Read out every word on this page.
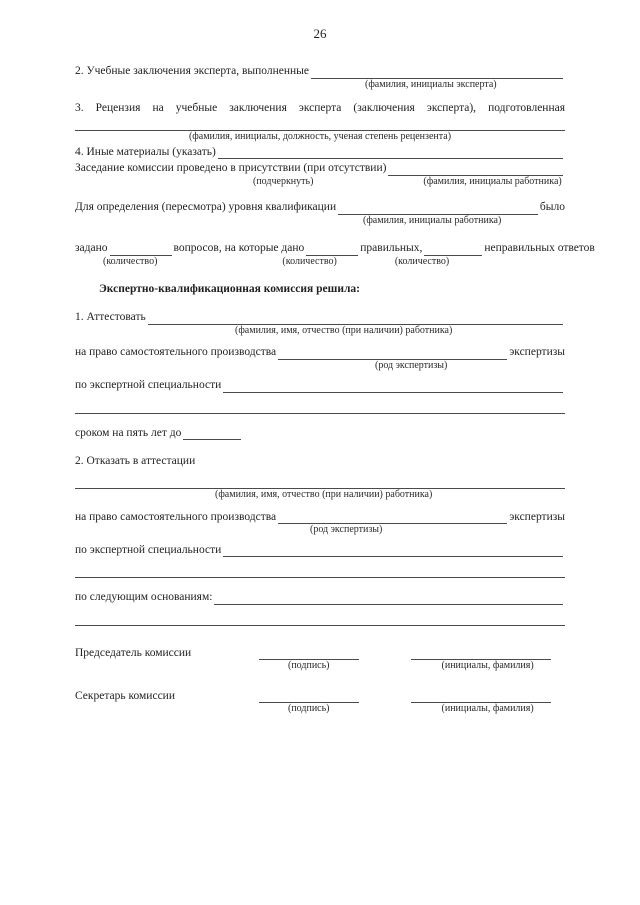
26
2. Учебные заключения эксперта, выполненные
(фамилия, инициалы эксперта)
3. Рецензия на учебные заключения эксперта (заключения эксперта), подготовленная
(фамилия, инициалы, должность, ученая степень рецензента)
4. Иные материалы (указать)
Заседание комиссии проведено в присутствии (при отсутствии)
(подчеркнуть)	(фамилия, инициалы работника)
Для определения (пересмотра) уровня квалификации	было
(фамилия, инициалы работника)
задано	вопросов, на которые дано	правильных,	неправильных ответов
(количество)	(количество)	(количество)
Экспертно-квалификационная комиссия решила:
1. Аттестовать
(фамилия, имя, отчество (при наличии) работника)
на право самостоятельного производства	экспертизы
(род экспертизы)
по экспертной специальности
сроком на пять лет до
2. Отказать в аттестации
(фамилия, имя, отчество (при наличии) работника)
на право самостоятельного производства	экспертизы
(род экспертизы)
по экспертной специальности
по следующим основаниям:
Председатель комиссии
(подпись)	(инициалы, фамилия)
Секретарь комиссии
(подпись)	(инициалы, фамилия)
